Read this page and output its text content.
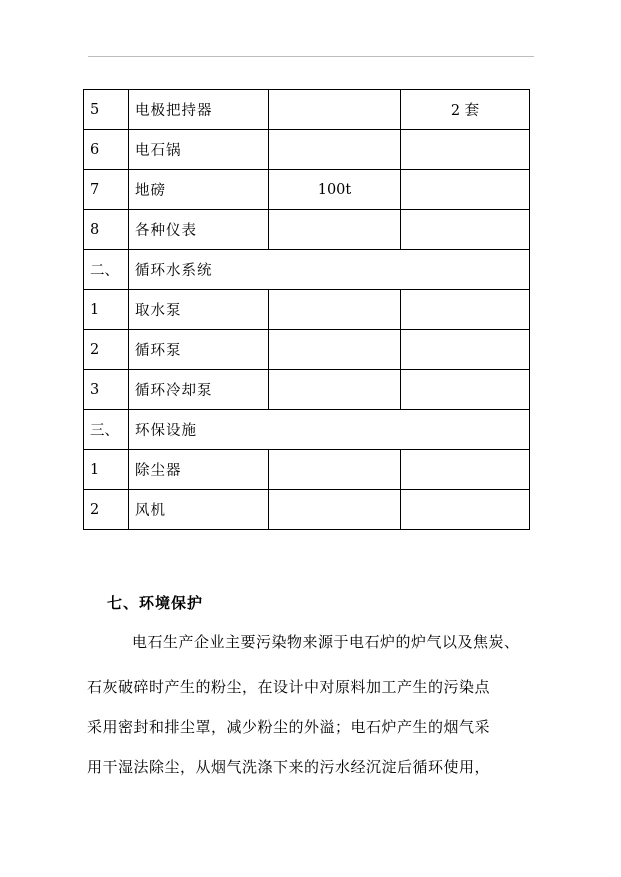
5	电极把持器		2 套
6	电石锅		
7	地磅	100t	
8	各种仪表		
二、	循环水系统		
1	取水泵		
2	循环泵		
3	循环冷却泵		
三、	环保设施		
1	除尘器		
2	风机		
七、环境保护
电石生产企业主要污染物来源于电石炉的炉气以及焦炭、
石灰破碎时产生的粉尘，在设计中对原料加工产生的污染点
采用密封和排尘罩，减少粉尘的外溢；电石炉产生的烟气采
用干湿法除尘，从烟气洗涤下来的污水经沉淀后循环使用，
